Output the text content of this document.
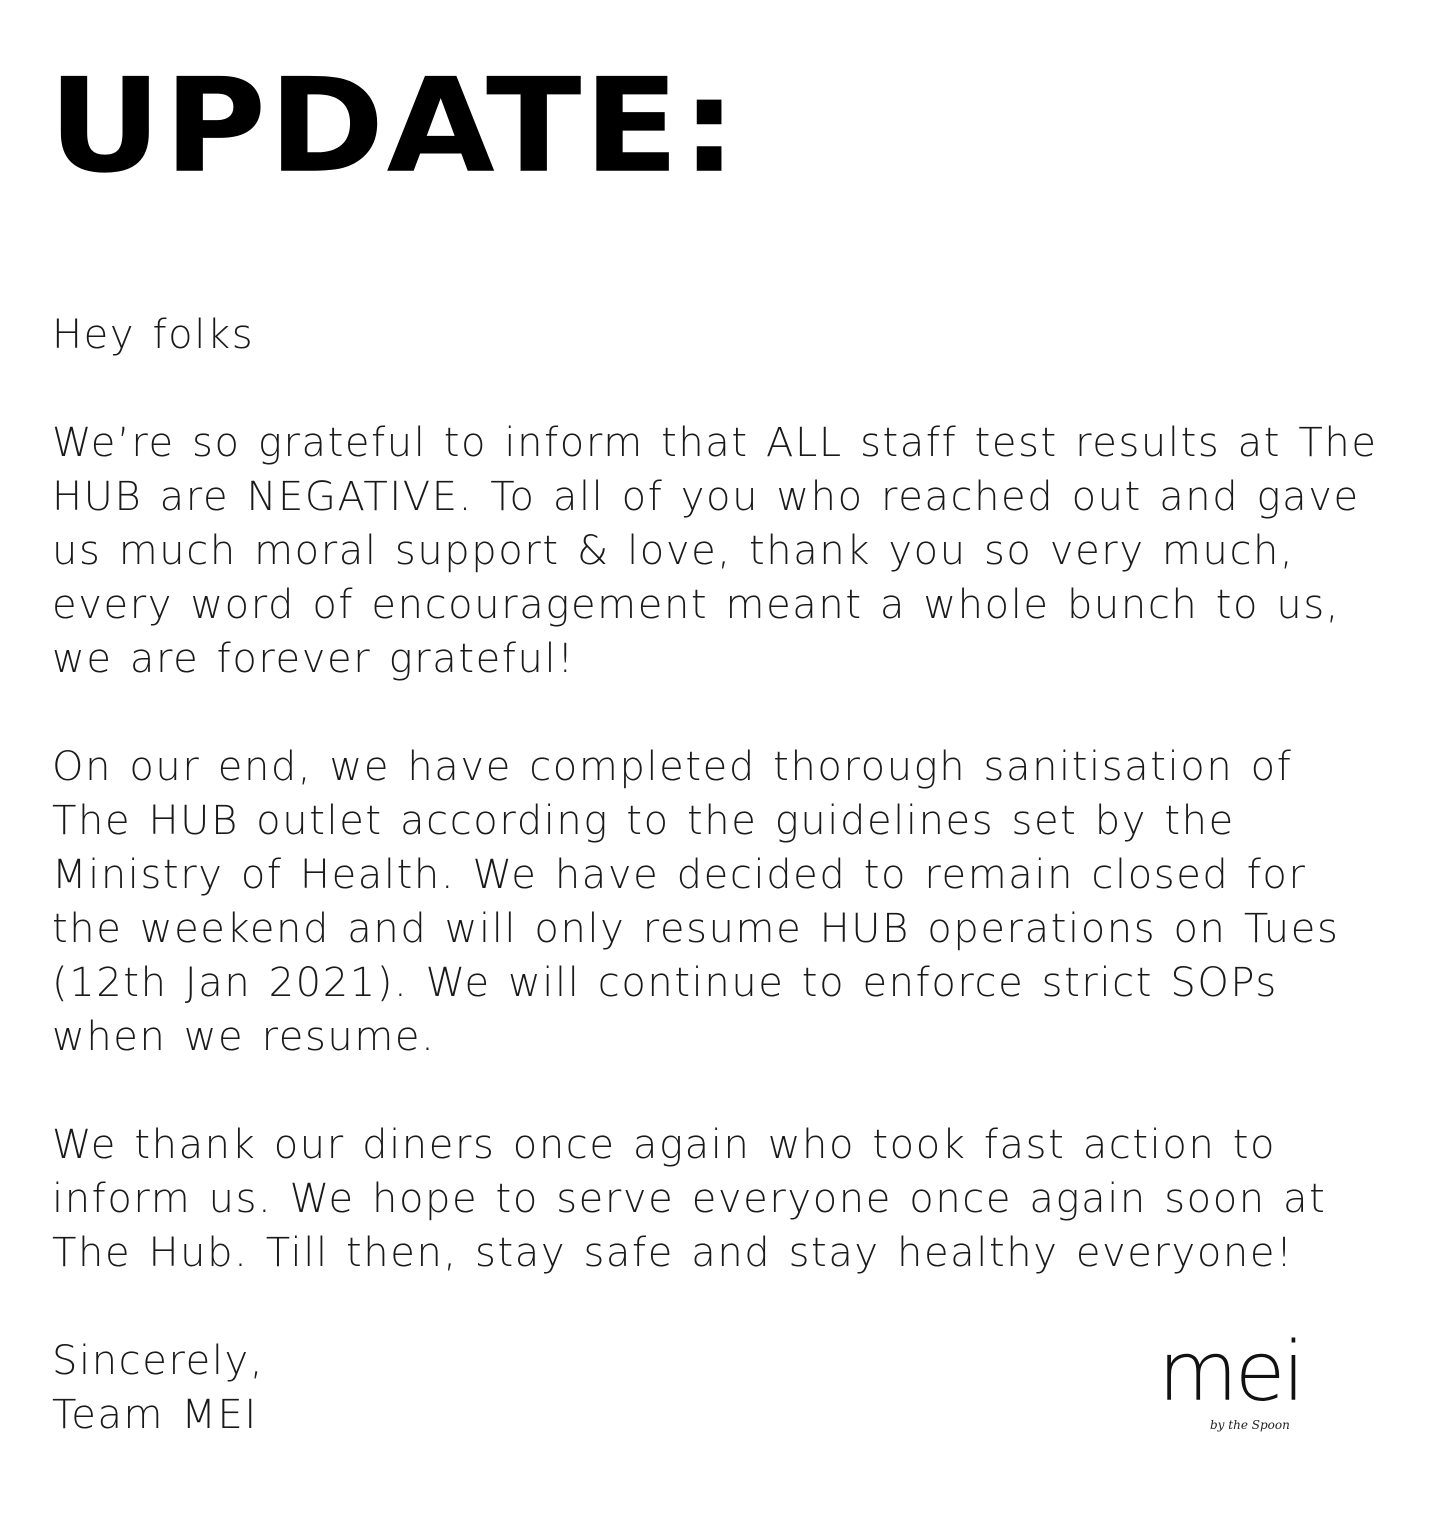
UPDATE:

Hey folks

We’re so grateful to inform that ALL staff test results at The
HUB are NEGATIVE. To all of you who reached out and gave
us much moral support & love, thank you so very much,
every word of encouragement meant a whole bunch to us,
we are forever grateful!

On our end, we have completed thorough sanitisation of
The HUB outlet according to the guidelines set by the
Ministry of Health. We have decided to remain closed for
the weekend and will only resume HUB operations on Tues
(12th Jan 2021). We will continue to enforce strict SOPs
when we resume.

We thank our diners once again who took fast action to
inform us. We hope to serve everyone once again soon at
The Hub. Till then, stay safe and stay healthy everyone!

Sincerely,
Team MEI	mei
by the Spoon
